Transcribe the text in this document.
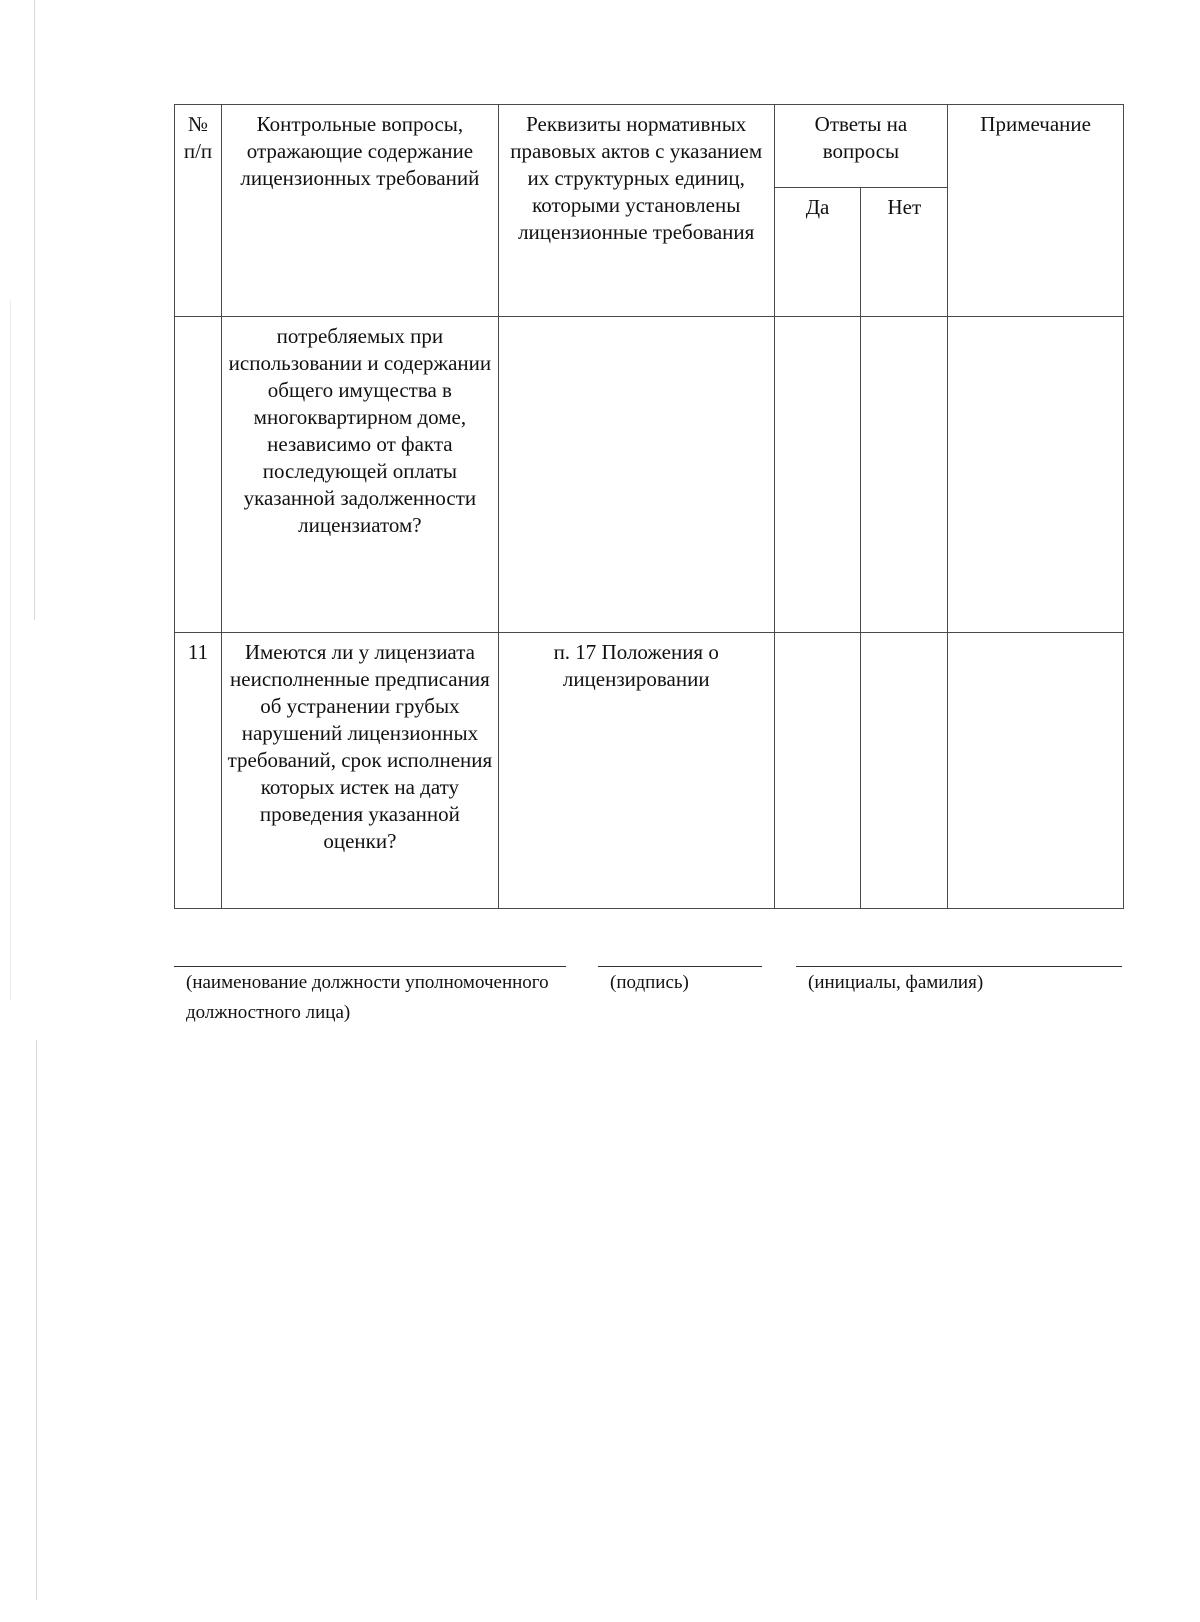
№ п/п	Контрольные вопросы, отражающие содержание лицензионных требований	Реквизиты нормативных правовых актов с указанием их структурных единиц, которыми установлены лицензионные требования	Ответы на вопросы		Примечание
			Да	Нет	
	потребляемых при использовании и содержании общего имущества в многоквартирном доме, независимо от факта последующей оплаты указанной задолженности лицензиатом?				
11	Имеются ли у лицензиата неисполненные предписания об устранении грубых нарушений лицензионных требований, срок исполнения которых истек на дату проведения указанной оценки?	п. 17 Положения о лицензировании			
(наименование должности уполномоченного должностного лица)
(подпись)	(инициалы, фамилия)
